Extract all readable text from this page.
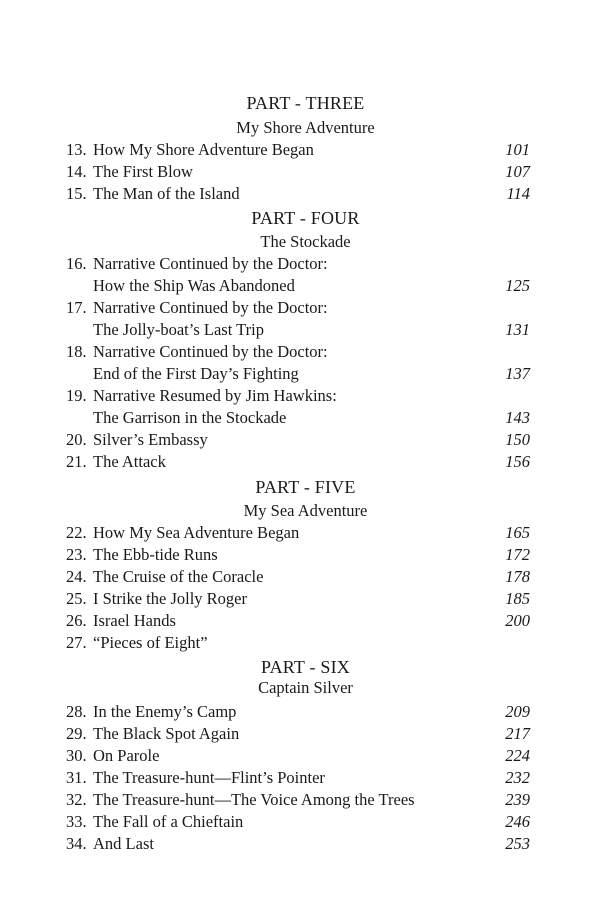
PART - THREE
My Shore Adventure
13. How My Shore Adventure Began	101
14. The First Blow	107
15. The Man of the Island	114
PART - FOUR
The Stockade
16. Narrative Continued by the Doctor:
How the Ship Was Abandoned	125
17. Narrative Continued by the Doctor:
The Jolly-boat’s Last Trip	131
18. Narrative Continued by the Doctor:
End of the First Day’s Fighting	137
19. Narrative Resumed by Jim Hawkins:
The Garrison in the Stockade	143
20. Silver’s Embassy	150
21. The Attack	156
PART - FIVE
My Sea Adventure
22. How My Sea Adventure Began	165
23. The Ebb-tide Runs	172
24. The Cruise of the Coracle	178
25. I Strike the Jolly Roger	185
26. Israel Hands	200
27. “Pieces of Eight”
PART - SIX
Captain Silver
28. In the Enemy’s Camp	209
29. The Black Spot Again	217
30. On Parole	224
31. The Treasure-hunt—Flint’s Pointer	232
32. The Treasure-hunt—The Voice Among the Trees	239
33. The Fall of a Chieftain	246
34. And Last	253
